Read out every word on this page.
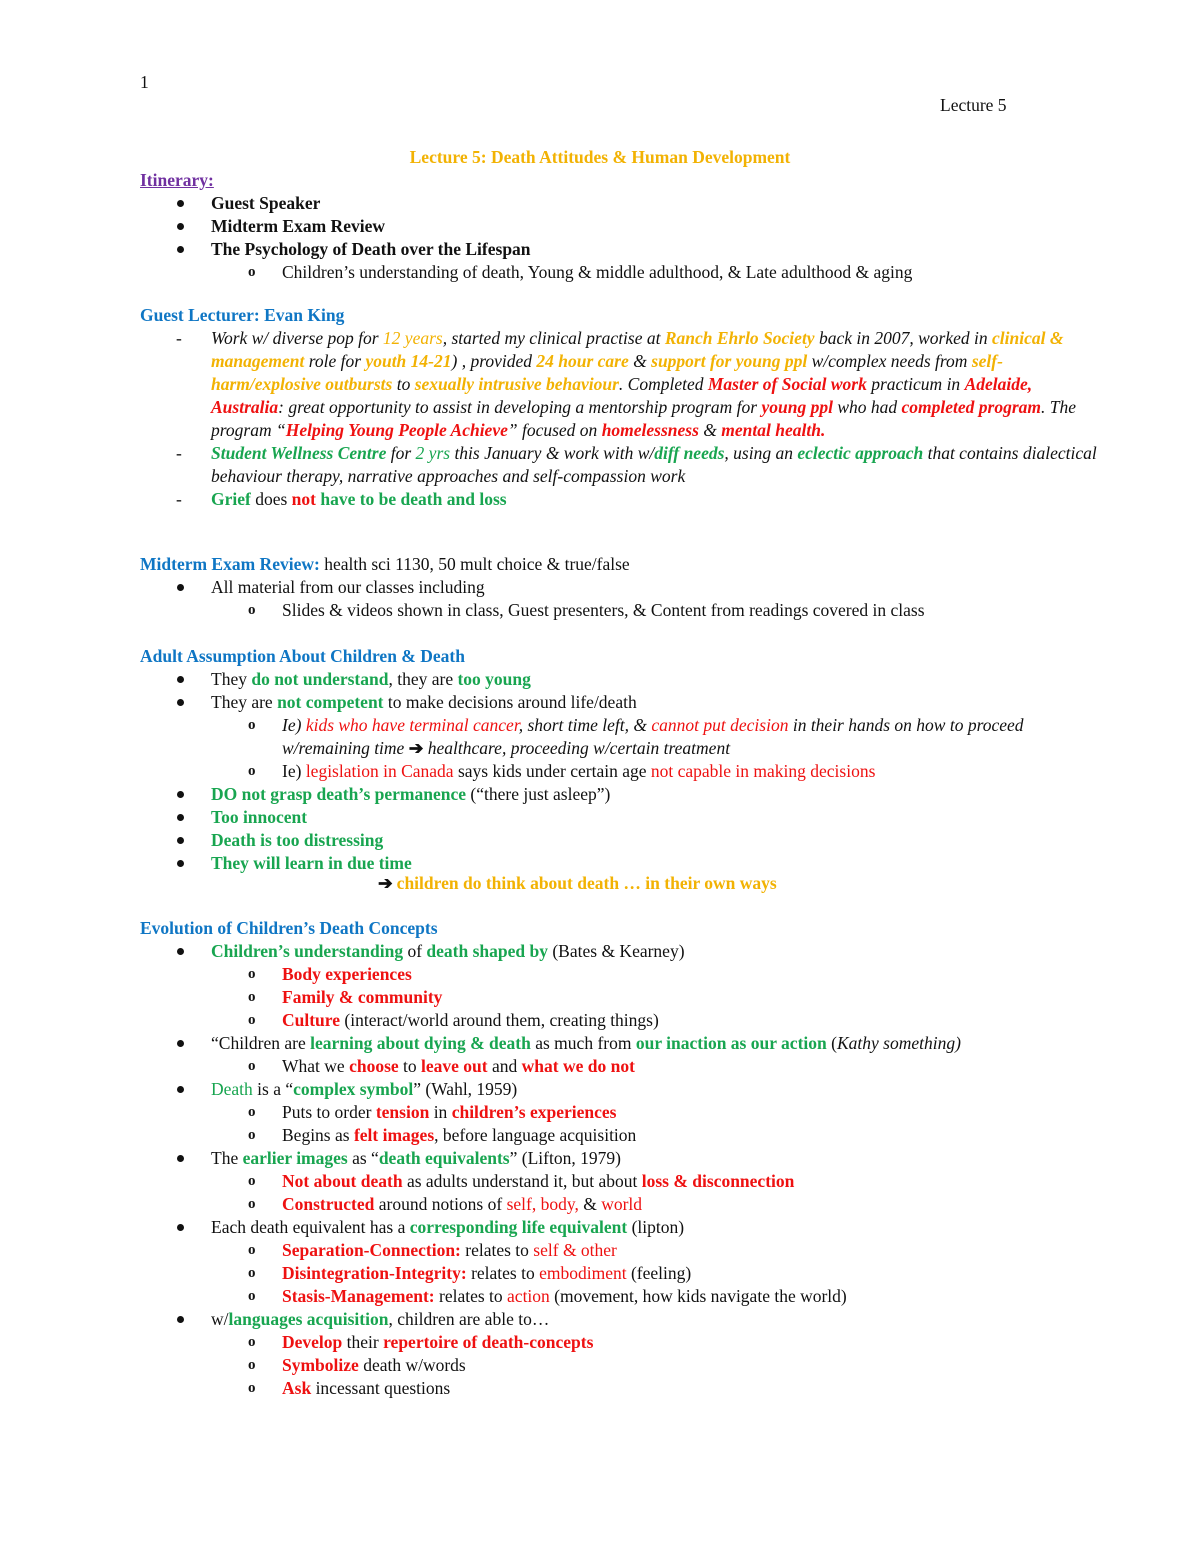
1
Lecture 5
Lecture 5: Death Attitudes & Human Development
Itinerary:
Guest Speaker
Midterm Exam Review
The Psychology of Death over the Lifespan
o Children’s understanding of death, Young & middle adulthood, & Late adulthood & aging
Guest Lecturer: Evan King
- Work w/ diverse pop for 12 years, started my clinical practise at Ranch Ehrlo Society back in 2007, worked in clinical & management role for youth 14-21) , provided 24 hour care & support for young ppl w/complex needs from self-harm/explosive outbursts to sexually intrusive behaviour. Completed Master of Social work practicum in Adelaide, Australia: great opportunity to assist in developing a mentorship program for young ppl who had completed program. The program “Helping Young People Achieve” focused on homelessness & mental health.
- Student Wellness Centre for 2 yrs this January & work with w/diff needs, using an eclectic approach that contains dialectical behaviour therapy, narrative approaches and self-compassion work
- Grief does not have to be death and loss
Midterm Exam Review: health sci 1130, 50 mult choice & true/false
All material from our classes including
o Slides & videos shown in class, Guest presenters, & Content from readings covered in class
Adult Assumption About Children & Death
They do not understand, they are too young
They are not competent to make decisions around life/death
o Ie) kids who have terminal cancer, short time left, & cannot put decision in their hands on how to proceed w/remaining time ➔ healthcare, proceeding w/certain treatment
o Ie) legislation in Canada says kids under certain age not capable in making decisions
DO not grasp death’s permanence (“there just asleep”)
Too innocent
Death is too distressing
They will learn in due time
➔ children do think about death … in their own ways
Evolution of Children’s Death Concepts
Children’s understanding of death shaped by (Bates & Kearney)
o Body experiences
o Family & community
o Culture (interact/world around them, creating things)
“Children are learning about dying & death as much from our inaction as our action (Kathy something)
o What we choose to leave out and what we do not
Death is a “complex symbol” (Wahl, 1959)
o Puts to order tension in children’s experiences
o Begins as felt images, before language acquisition
The earlier images as “death equivalents” (Lifton, 1979)
o Not about death as adults understand it, but about loss & disconnection
o Constructed around notions of self, body, & world
Each death equivalent has a corresponding life equivalent (lipton)
o Separation-Connection: relates to self & other
o Disintegration-Integrity: relates to embodiment (feeling)
o Stasis-Management: relates to action (movement, how kids navigate the world)
w/languages acquisition, children are able to…
o Develop their repertoire of death-concepts
o Symbolize death w/words
o Ask incessant questions
